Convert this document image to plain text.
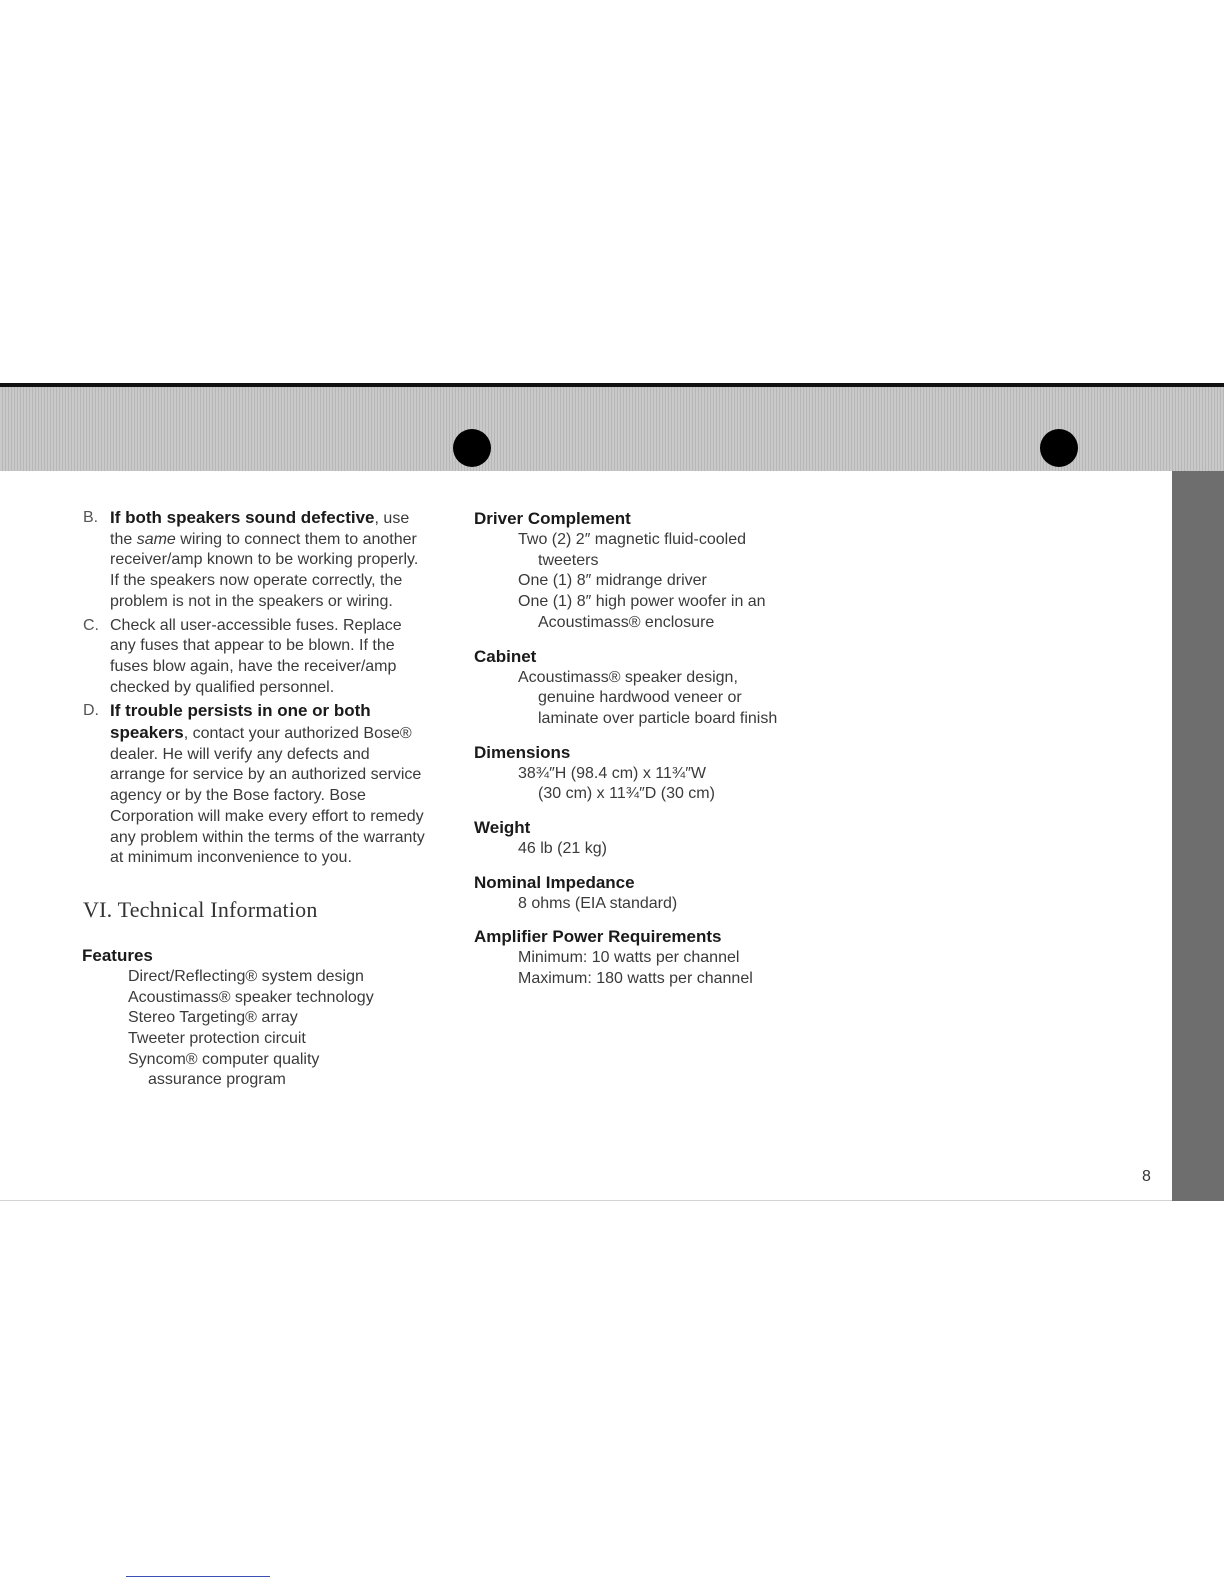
B. If both speakers sound defective, use the same wiring to connect them to another receiver/amp known to be working properly. If the speakers now operate correctly, the problem is not in the speakers or wiring.
C. Check all user-accessible fuses. Replace any fuses that appear to be blown. If the fuses blow again, have the receiver/amp checked by qualified personnel.
D. If trouble persists in one or both speakers, contact your authorized Bose® dealer. He will verify any defects and arrange for service by an authorized service agency or by the Bose factory. Bose Corporation will make every effort to remedy any problem within the terms of the warranty at minimum inconvenience to you.
VI. Technical Information
Features
Direct/Reflecting® system design
Acoustimass® speaker technology
Stereo Targeting® array
Tweeter protection circuit
Syncom® computer quality
assurance program
Driver Complement
Two (2) 2″ magnetic fluid-cooled
tweeters
One (1) 8″ midrange driver
One (1) 8″ high power woofer in an
Acoustimass® enclosure
Cabinet
Acoustimass® speaker design,
genuine hardwood veneer or
laminate over particle board finish
Dimensions
38¾″H (98.4 cm) x 11¾″W
(30 cm) x 11¾″D (30 cm)
Weight
46 lb (21 kg)
Nominal Impedance
8 ohms (EIA standard)
Amplifier Power Requirements
Minimum: 10 watts per channel
Maximum: 180 watts per channel
8
